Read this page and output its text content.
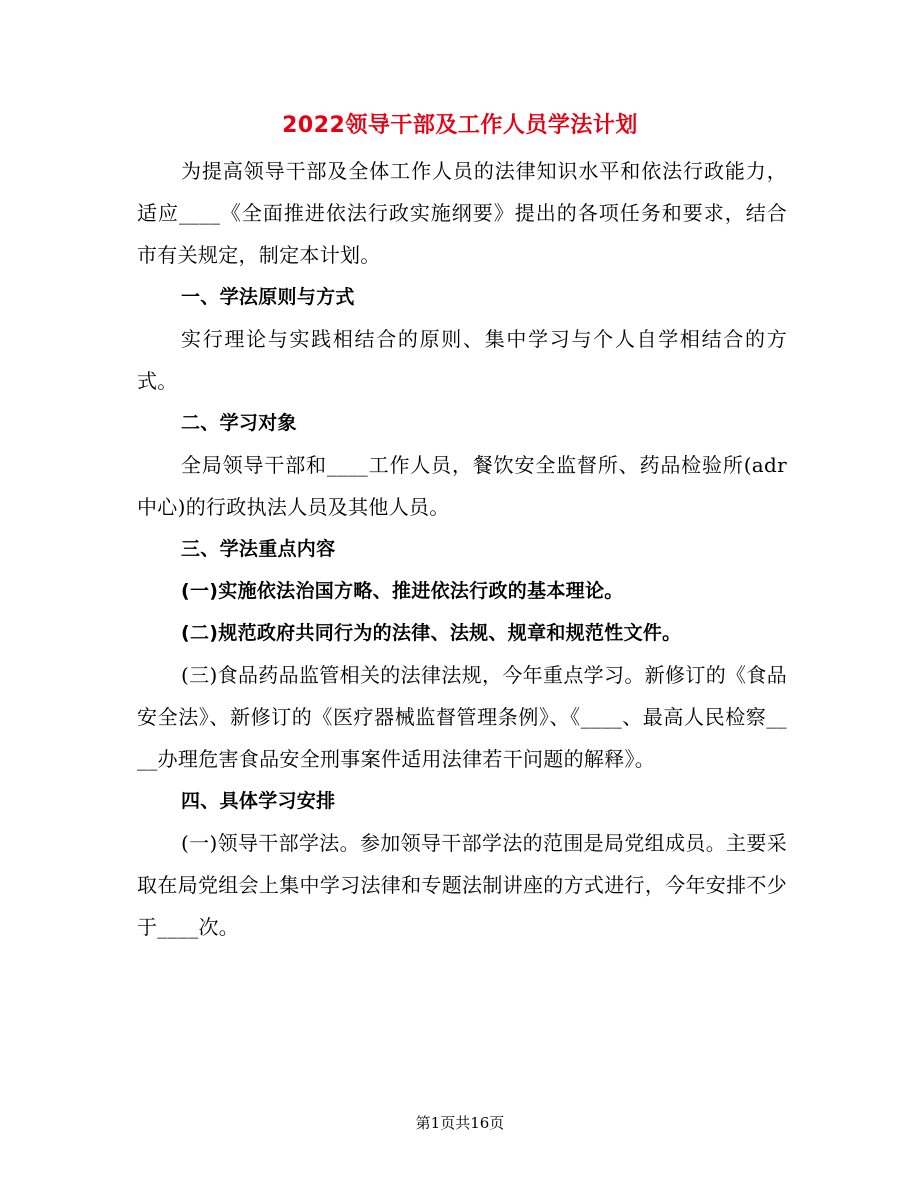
2022领导干部及工作人员学法计划

为提高领导干部及全体工作人员的法律知识水平和依法行政能力，适应____《全面推进依法行政实施纲要》提出的各项任务和要求，结合市有关规定，制定本计划。

一、学法原则与方式

实行理论与实践相结合的原则、集中学习与个人自学相结合的方式。

二、学习对象

全局领导干部和____工作人员，餐饮安全监督所、药品检验所(adr中心)的行政执法人员及其他人员。

三、学法重点内容

(一)实施依法治国方略、推进依法行政的基本理论。

(二)规范政府共同行为的法律、法规、规章和规范性文件。

(三)食品药品监管相关的法律法规，今年重点学习。新修订的《食品安全法》、新修订的《医疗器械监督管理条例》、《____、最高人民检察____办理危害食品安全刑事案件适用法律若干问题的解释》。

四、具体学习安排

(一)领导干部学法。参加领导干部学法的范围是局党组成员。主要采取在局党组会上集中学习法律和专题法制讲座的方式进行，今年安排不少于____次。

第1页共16页
